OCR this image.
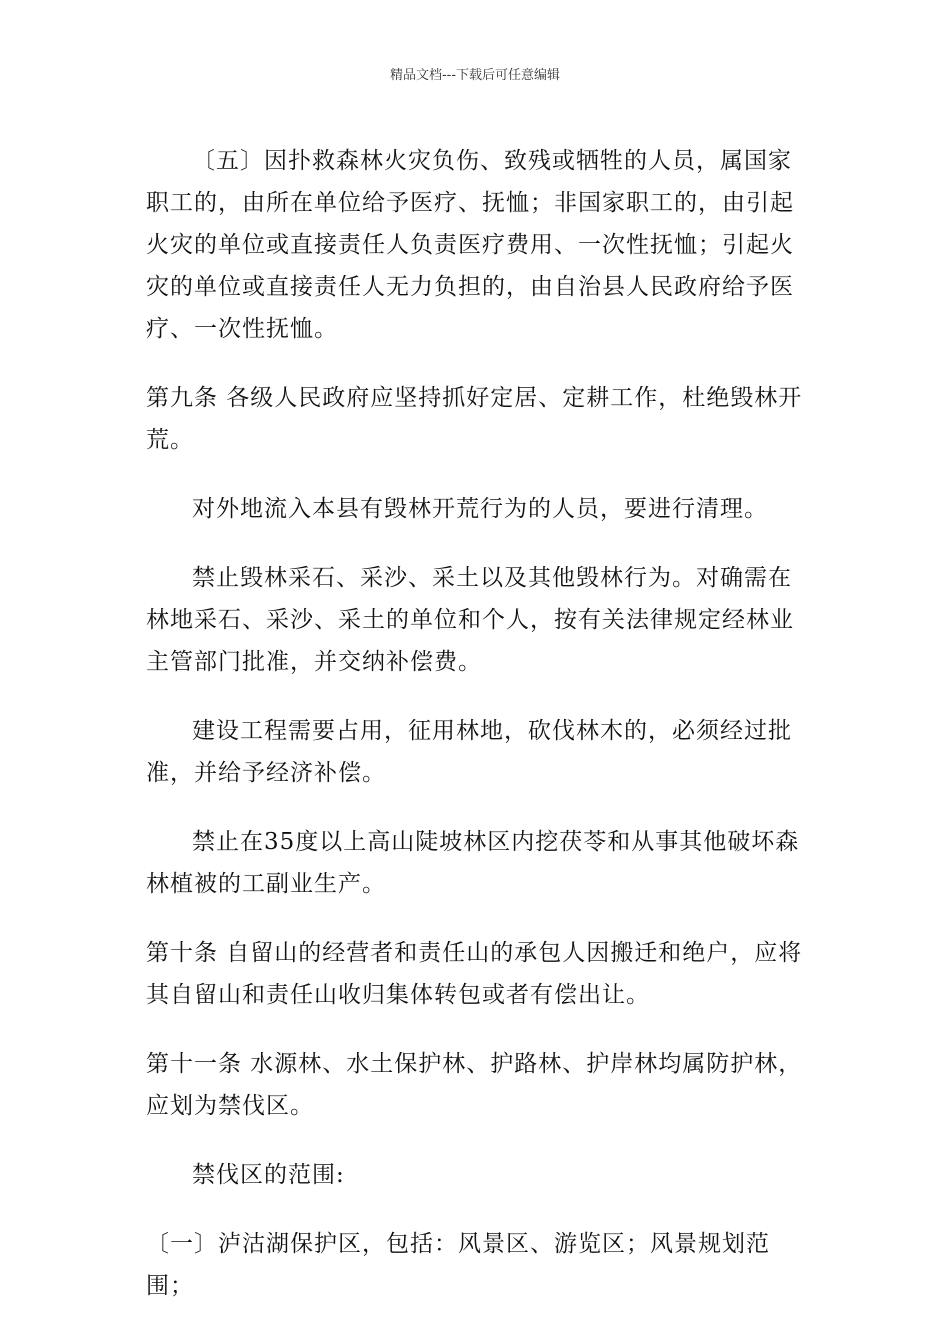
精品文档---下载后可任意编辑

〔五〕因扑救森林火灾负伤、致残或牺牲的人员，属国家职工的，由所在单位给予医疗、抚恤；非国家职工的，由引起火灾的单位或直接责任人负责医疗费用、一次性抚恤；引起火灾的单位或直接责任人无力负担的，由自治县人民政府给予医疗、一次性抚恤。

第九条 各级人民政府应坚持抓好定居、定耕工作，杜绝毁林开荒。

对外地流入本县有毁林开荒行为的人员，要进行清理。

禁止毁林采石、采沙、采土以及其他毁林行为。对确需在林地采石、采沙、采土的单位和个人，按有关法律规定经林业主管部门批准，并交纳补偿费。

建设工程需要占用，征用林地，砍伐林木的，必须经过批准，并给予经济补偿。

禁止在35度以上高山陡坡林区内挖茯苓和从事其他破坏森林植被的工副业生产。

第十条 自留山的经营者和责任山的承包人因搬迁和绝户，应将其自留山和责任山收归集体转包或者有偿出让。

第十一条 水源林、水土保护林、护路林、护岸林均属防护林，应划为禁伐区。

禁伐区的范围:

〔一〕泸沽湖保护区，包括：风景区、游览区；风景规划范围；
